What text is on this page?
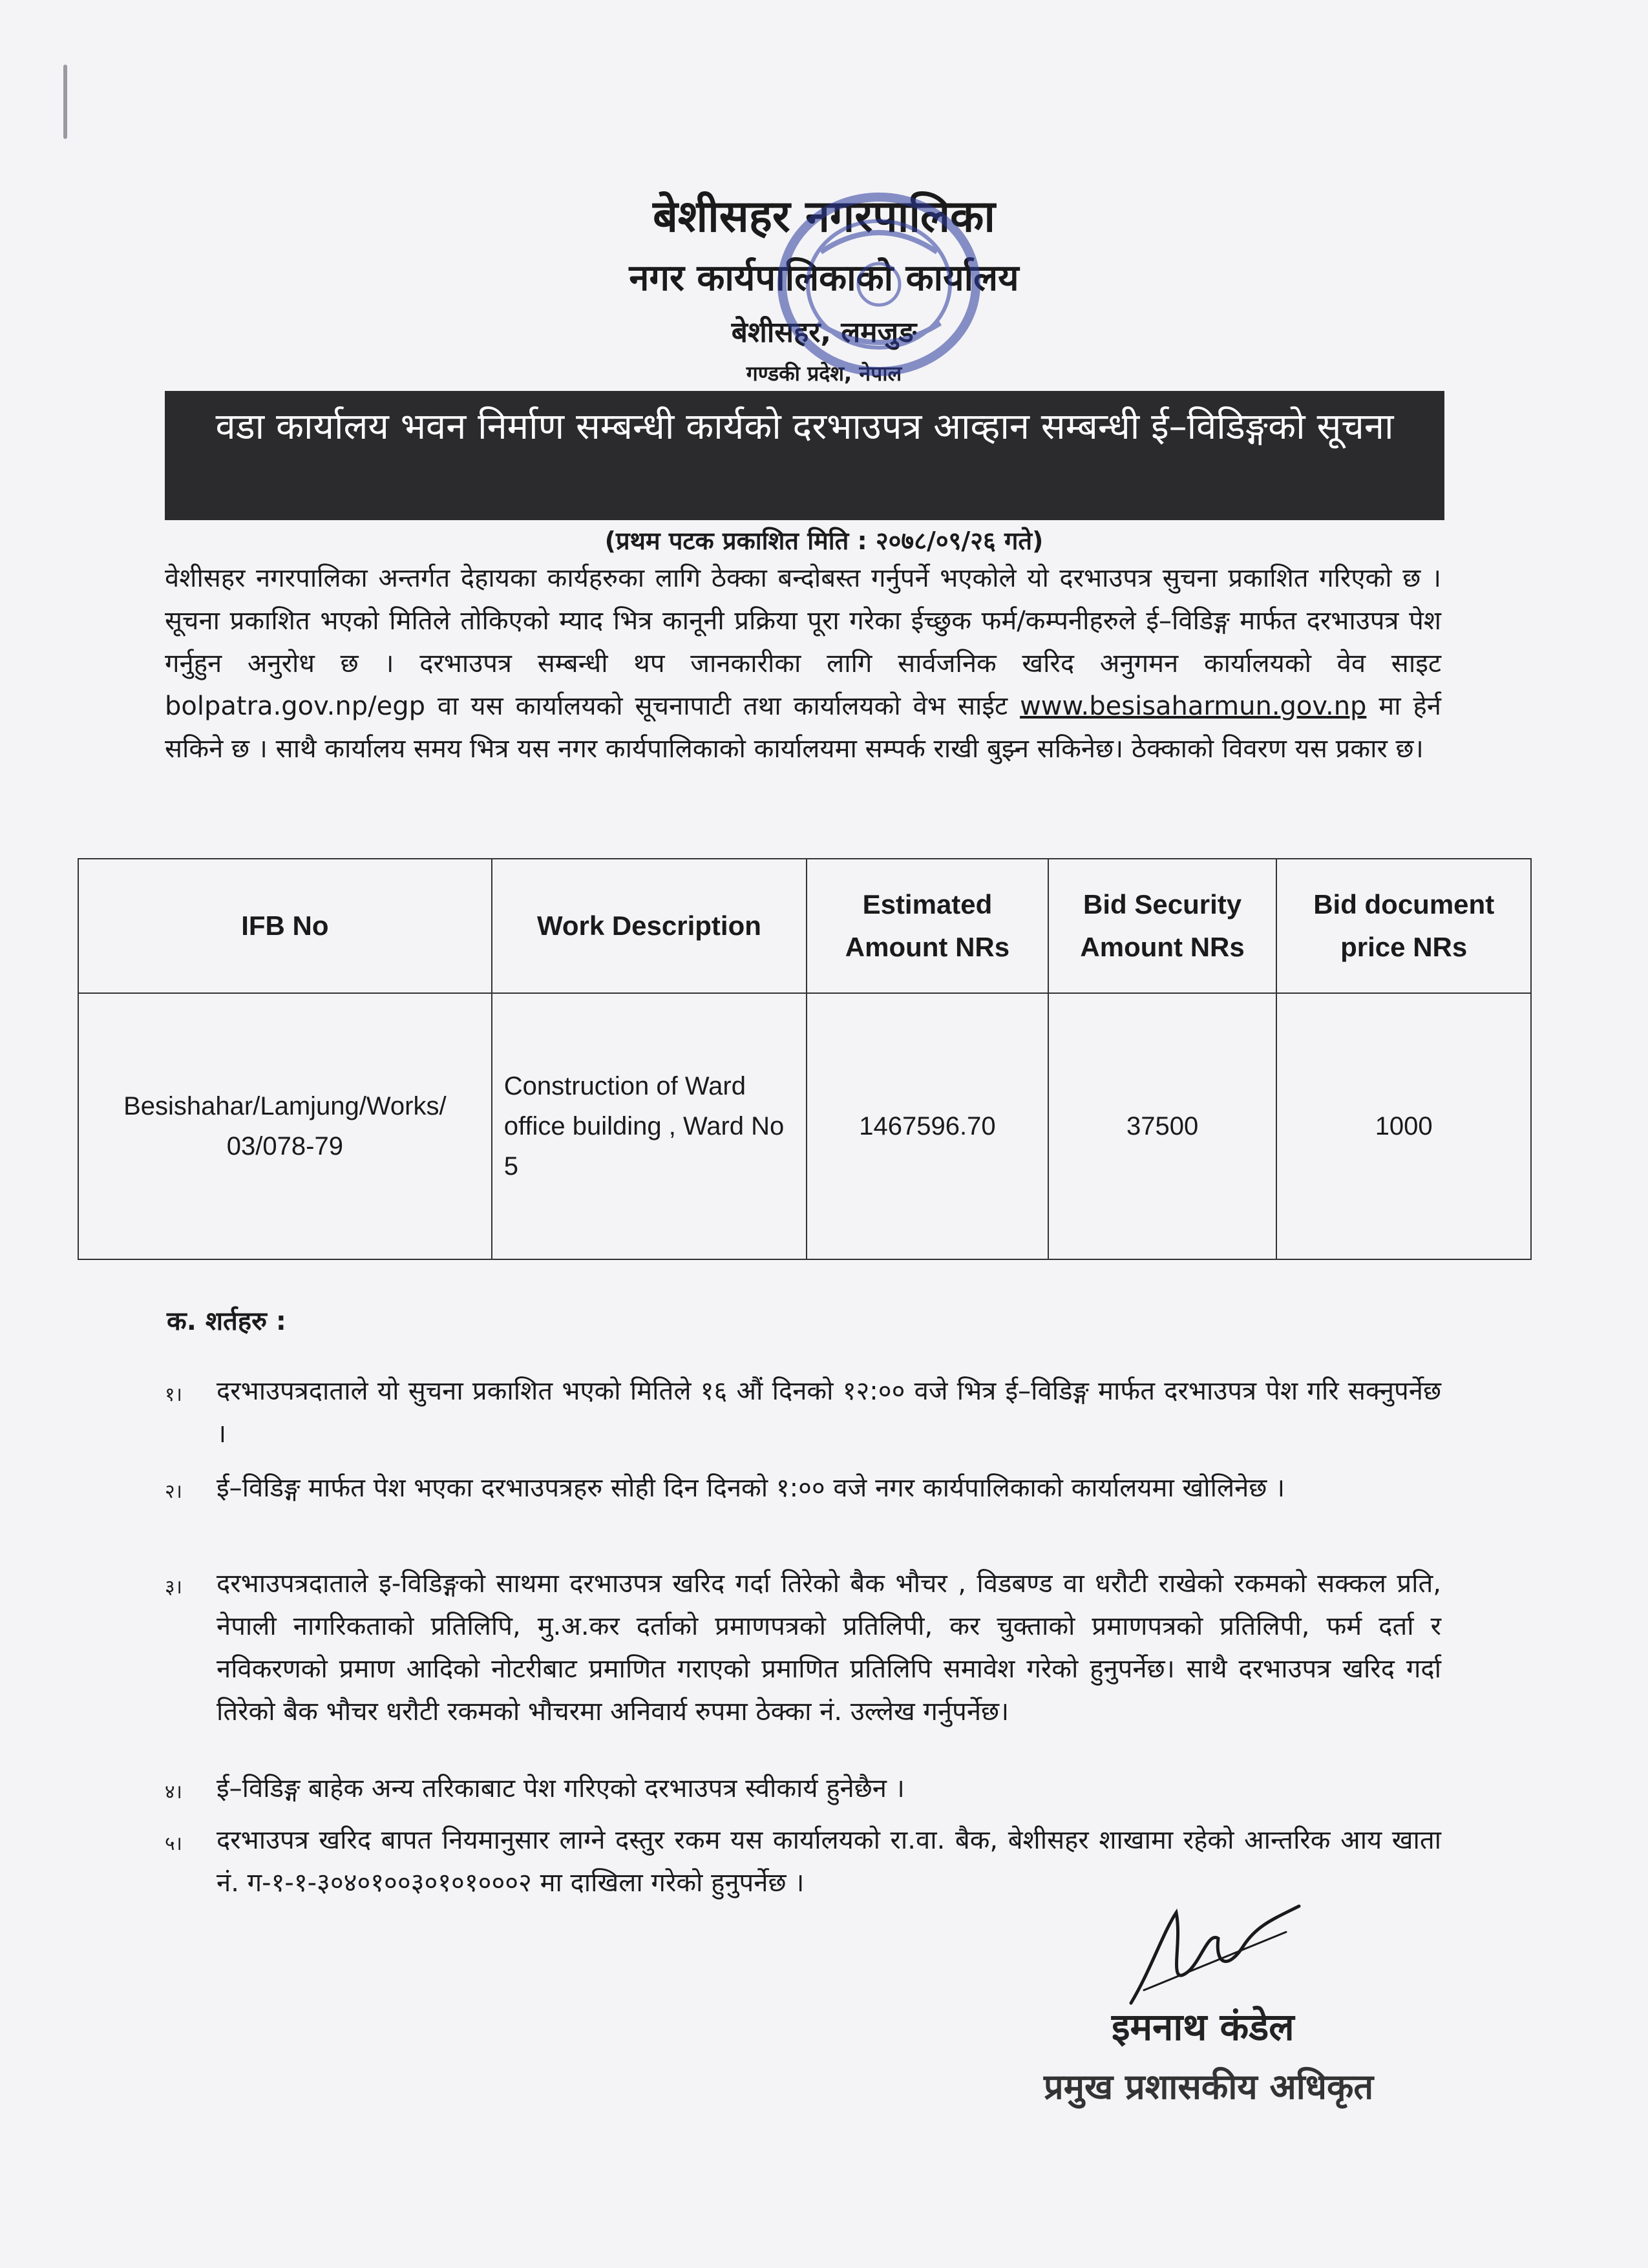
बेशीसहर नगरपालिका
नगर कार्यपालिकाको कार्यालय
बेशीसहर, लमजुङ
गण्डकी प्रदेश, नेपाल
वडा कार्यालय भवन निर्माण सम्बन्धी कार्यको दरभाउपत्र आव्हान सम्बन्धी ई–विडिङ्गको सूचना
(प्रथम पटक प्रकाशित मिति : २०७८/०९/२६ गते)
वेशीसहर नगरपालिका अन्तर्गत देहायका कार्यहरुका लागि ठेक्का बन्दोबस्त गर्नुपर्ने भएकोले यो दरभाउपत्र सुचना प्रकाशित गरिएको छ । सूचना प्रकाशित भएको मितिले तोकिएको म्याद भित्र कानूनी प्रक्रिया पूरा गरेका ईच्छुक फर्म/कम्पनीहरुले ई–विडिङ्ग मार्फत दरभाउपत्र पेश गर्नुहुन अनुरोध छ । दरभाउपत्र सम्बन्धी थप जानकारीका लागि सार्वजनिक खरिद अनुगमन कार्यालयको वेव साइट bolpatra.gov.np/egp वा यस कार्यालयको सूचनापाटी तथा कार्यालयको वेभ साईट www.besisaharmun.gov.np मा हेर्न सकिने छ । साथै कार्यालय समय भित्र यस नगर कार्यपालिकाको कार्यालयमा सम्पर्क राखी बुझ्न सकिनेछ। ठेक्काको विवरण यस प्रकार छ।
IFB No	Work Description	Estimated Amount NRs	Bid Security Amount NRs	Bid document price NRs
Besishahar/Lamjung/Works/ 03/078-79	Construction of Ward office building , Ward No 5	1467596.70	37500	1000
क. शर्तहरु :
१।	दरभाउपत्रदाताले यो सुचना प्रकाशित भएको मितिले १६ औं दिनको १२:०० वजे भित्र ई–विडिङ्ग मार्फत दरभाउपत्र पेश गरि सक्नुपर्नेछ ।
२।	ई–विडिङ्ग मार्फत पेश भएका दरभाउपत्रहरु सोही दिन दिनको १:०० वजे नगर कार्यपालिकाको कार्यालयमा खोलिनेछ ।
३।	दरभाउपत्रदाताले इ-विडिङ्गको साथमा दरभाउपत्र खरिद गर्दा तिरेको बैक भौचर , विडबण्ड वा धरौटी राखेको रकमको सक्कल प्रति, नेपाली नागरिकताको प्रतिलिपि, मु.अ.कर दर्ताको प्रमाणपत्रको प्रतिलिपी, कर चुक्ताको प्रमाणपत्रको प्रतिलिपी, फर्म दर्ता र नविकरणको प्रमाण आदिको नोटरीबाट प्रमाणित गराएको प्रमाणित प्रतिलिपि समावेश गरेको हुनुपर्नेछ। साथै दरभाउपत्र खरिद गर्दा तिरेको बैक भौचर धरौटी रकमको भौचरमा अनिवार्य रुपमा ठेक्का नं. उल्लेख गर्नुपर्नेछ।
४।	ई–विडिङ्ग बाहेक अन्य तरिकाबाट पेश गरिएको दरभाउपत्र स्वीकार्य हुनेछैन ।
५।	दरभाउपत्र खरिद बापत नियमानुसार लाग्ने दस्तुर रकम यस कार्यालयको रा.वा. बैक, बेशीसहर शाखामा रहेको आन्तरिक आय खाता नं. ग-१-१-३०४०१००३०१०१०००२ मा दाखिला गरेको हुनुपर्नेछ ।
इमनाथ कंडेल
प्रमुख प्रशासकीय अधिकृत
